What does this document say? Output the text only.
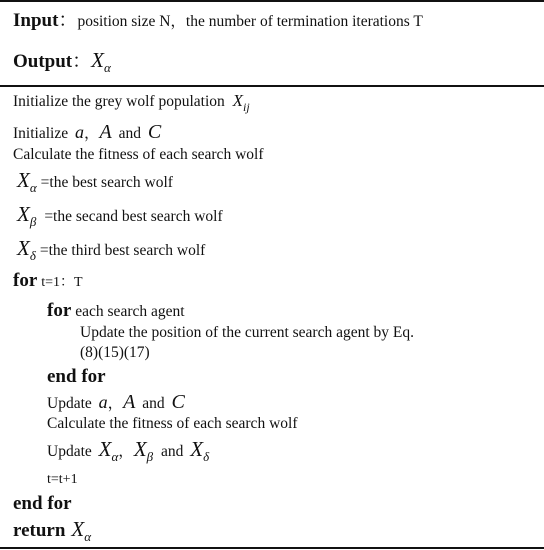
Input：position size N，the number of termination iterations T
Output：$X_\alpha$
Initialize the grey wolf population $X_{ij}$
Initialize a，A and C
Calculate the fitness of each search wolf
$X_\alpha =the$ best search wolf
$X_\beta =the$ secand best search wolf
$X_\delta =the$ third best search wolf
for t=1：T
for each search agent
Update the position of the current search agent by Eq.
(8)(15)(17)
end for
Update a，A and C
Calculate the fitness of each search wolf
Update $X_\alpha$，$X_\beta$ and $X_\delta$
t=t+1
end for
return $X_\alpha$
